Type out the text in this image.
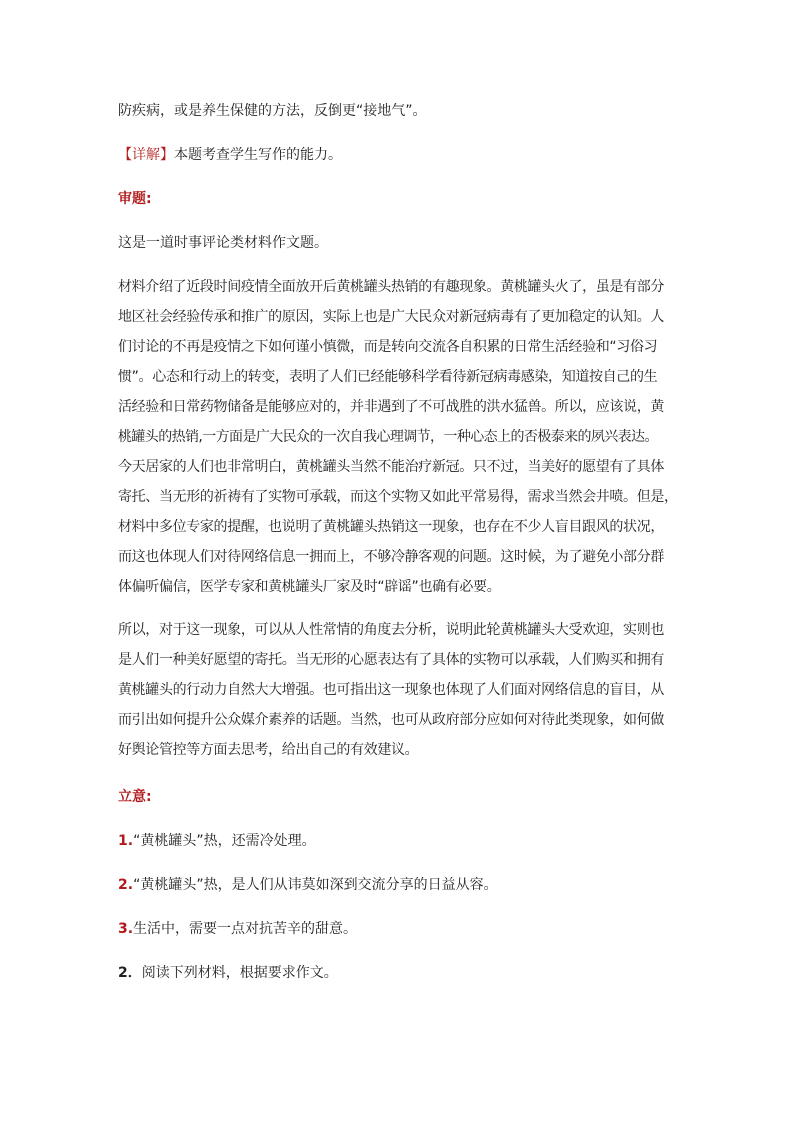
防疾病，或是养生保健的方法，反倒更“接地气”。

【详解】本题考查学生写作的能力。

审题:

这是一道时事评论类材料作文题。

材料介绍了近段时间疫情全面放开后黄桃罐头热销的有趣现象。黄桃罐头火了，虽是有部分

地区社会经验传承和推广的原因，实际上也是广大民众对新冠病毒有了更加稳定的认知。人

们讨论的不再是疫情之下如何谨小慎微，而是转向交流各自积累的日常生活经验和“习俗习

惯”。心态和行动上的转变，表明了人们已经能够科学看待新冠病毒感染，知道按自己的生

活经验和日常药物储备是能够应对的，并非遇到了不可战胜的洪水猛兽。所以，应该说，黄

桃罐头的热销,一方面是广大民众的一次自我心理调节，一种心态上的否极泰来的夙兴表达。

今天居家的人们也非常明白，黄桃罐头当然不能治疗新冠。只不过，当美好的愿望有了具体

寄托、当无形的祈祷有了实物可承载，而这个实物又如此平常易得，需求当然会井喷。但是，

材料中多位专家的提醒，也说明了黄桃罐头热销这一现象，也存在不少人盲目跟风的状况，

而这也体现人们对待网络信息一拥而上，不够冷静客观的问题。这时候，为了避免小部分群

体偏听偏信，医学专家和黄桃罐头厂家及时“辟谣”也确有必要。

所以，对于这一现象，可以从人性常情的角度去分析，说明此轮黄桃罐头大受欢迎，实则也

是人们一种美好愿望的寄托。当无形的心愿表达有了具体的实物可以承载，人们购买和拥有

黄桃罐头的行动力自然大大增强。也可指出这一现象也体现了人们面对网络信息的盲目，从

而引出如何提升公众媒介素养的话题。当然，也可从政府部分应如何对待此类现象，如何做

好舆论管控等方面去思考，给出自己的有效建议。

立意:

1.“黄桃罐头”热，还需冷处理。

2.“黄桃罐头”热，是人们从讳莫如深到交流分享的日益从容。

3.生活中，需要一点对抗苦辛的甜意。

2．阅读下列材料，根据要求作文。
